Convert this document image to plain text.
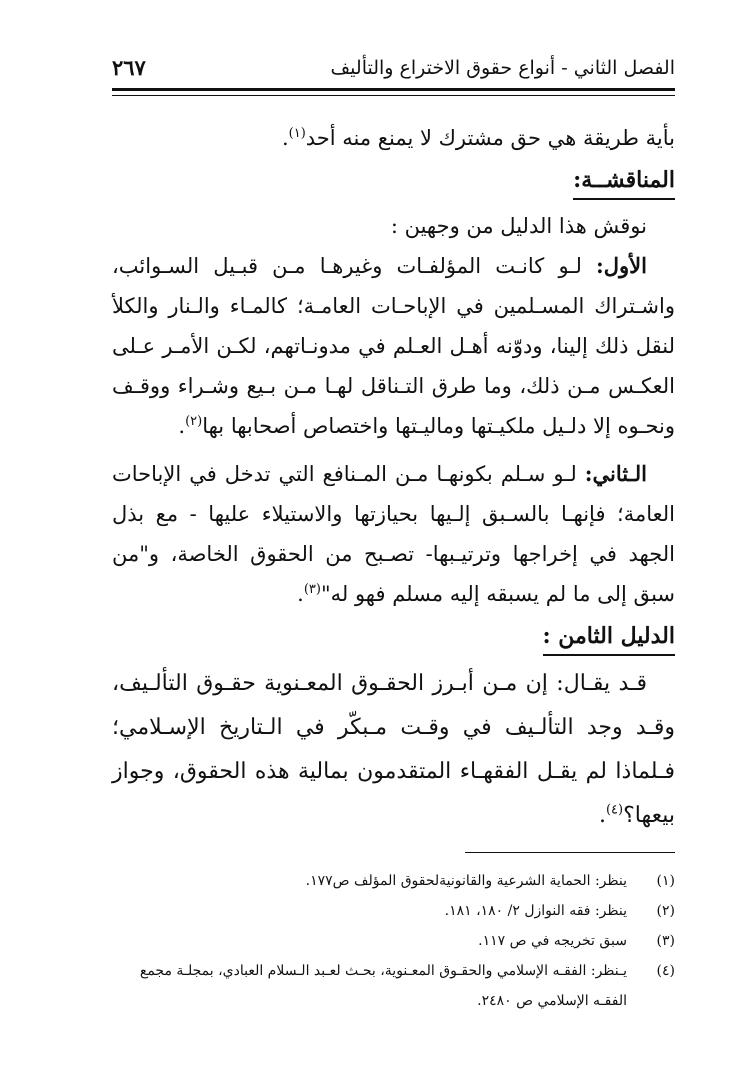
الفصل الثاني - أنواع حقوق الاختراع والتأليف
٢٦٧

بأية طريقة هي حق مشترك لا يمنع منه أحد$^{(١)}$.

المناقشــة:

نوقش هذا الدليل من وجهين :

الأول: لـو كانـت المؤلفـات وغيرهـا مـن قبـيل السـوائب، واشـتراك المسـلمين في الإباحـات العامـة؛ كالمـاء والـنار والكلأ لنقل ذلك إلينا، ودوّنه أهـل العـلم في مدونـاتهم، لكـن الأمـر عـلى العكـس مـن ذلك، وما طرق التـناقل لهـا مـن بـيع وشـراء ووقـف ونحـوه إلا دلـيل ملكيـتها وماليـتها واختصاص أصحابها بها$^{(٢)}$.

الـثاني: لـو سـلم بكونهـا مـن المـنافع التي تدخل في الإباحات العامة؛ فإنهـا بالسـبق إلـيها بحيازتها والاستيلاء عليها - مع بذل الجهد في إخراجها وترتيـبها- تصـبح من الحقوق الخاصة، و"من سبق إلى ما لم يسبقه إليه مسلم فهو له"$^{(٣)}$.

الدليل الثامن :

قـد يقـال: إن مـن أبـرز الحقـوق المعـنوية حقـوق التألـيف، وقـد وجد التألـيف في وقـت مـبكّر في الـتاريخ الإسـلامي؛ فـلماذا لم يقـل الفقهـاء المتقدمون بمالية هذه الحقوق، وجواز بيعها؟$^{(٤)}$.

(١)
ينظر: الحماية الشرعية والقانونيةلحقوق المؤلف ص١٧٧.
(٢)
ينظر: فقه النوازل ٢/ ١٨٠، ١٨١.
(٣)
سبق تخريجه في ص ١١٧.
(٤)
يـنظر: الفقـه الإسلامي والحقـوق المعـنوية، بحـث لعـبد الـسلام العبادي، بمجلـة مجمع الفقـه الإسلامي ص ٢٤٨٠.
